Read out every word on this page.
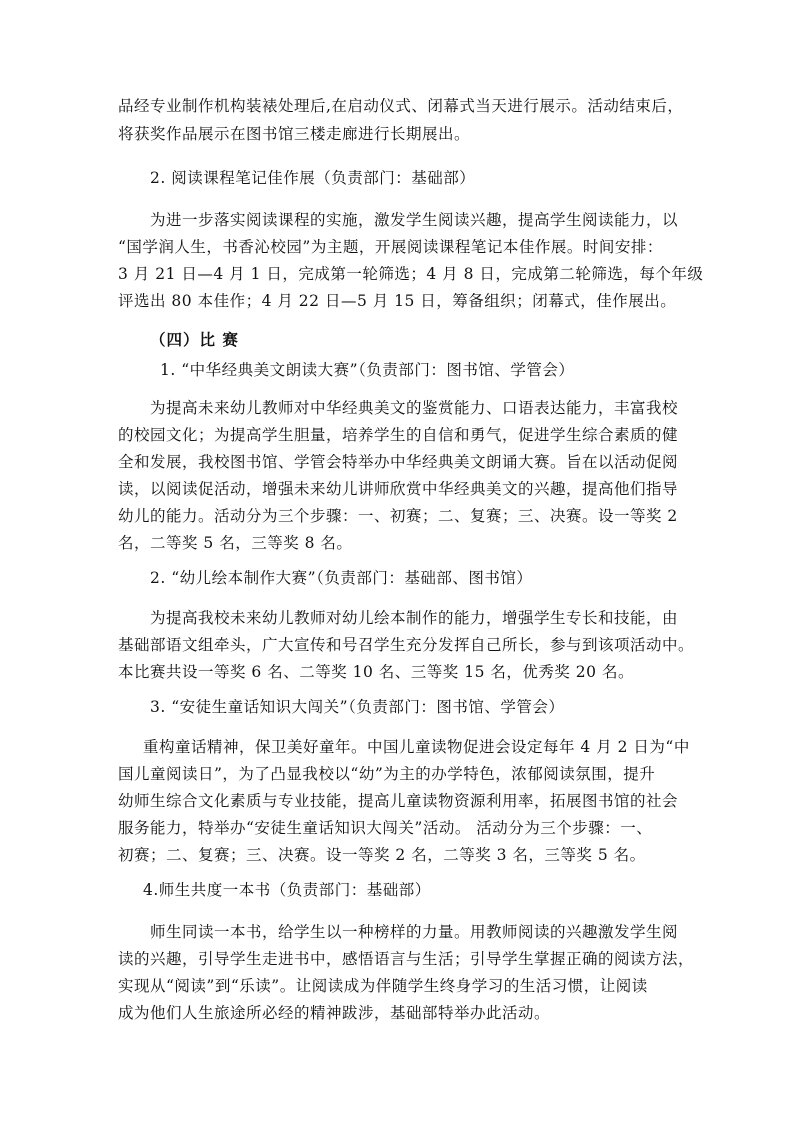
品经专业制作机构装裱处理后,在启动仪式、闭幕式当天进行展示。活动结束后，
将获奖作品展示在图书馆三楼走廊进行长期展出。
2. 阅读课程笔记佳作展（负责部门：基础部）
为进一步落实阅读课程的实施，激发学生阅读兴趣，提高学生阅读能力，以
“国学润人生，书香沁校园”为主题，开展阅读课程笔记本佳作展。时间安排：
3 月 21 日—4 月 1 日，完成第一轮筛选；4 月 8 日，完成第二轮筛选，每个年级
评选出 80 本佳作；4 月 22 日—5 月 15 日，筹备组织；闭幕式，佳作展出。
（四）比 赛
1. “中华经典美文朗读大赛”（负责部门：图书馆、学管会）
为提高未来幼儿教师对中华经典美文的鉴赏能力、口语表达能力，丰富我校
的校园文化；为提高学生胆量，培养学生的自信和勇气，促进学生综合素质的健
全和发展，我校图书馆、学管会特举办中华经典美文朗诵大赛。旨在以活动促阅
读，以阅读促活动，增强未来幼儿讲师欣赏中华经典美文的兴趣，提高他们指导
幼儿的能力。活动分为三个步骤：一、初赛；二、复赛；三、决赛。设一等奖 2
名，二等奖 5 名，三等奖 8 名。
2. “幼儿绘本制作大赛”（负责部门：基础部、图书馆）
为提高我校未来幼儿教师对幼儿绘本制作的能力，增强学生专长和技能，由
基础部语文组牵头，广大宣传和号召学生充分发挥自己所长，参与到该项活动中。
本比赛共设一等奖 6 名、二等奖 10 名、三等奖 15 名，优秀奖 20 名。
3. “安徒生童话知识大闯关”（负责部门：图书馆、学管会）
重构童话精神，保卫美好童年。中国儿童读物促进会设定每年 4 月 2 日为“中
国儿童阅读日”，为了凸显我校以“幼”为主的办学特色，浓郁阅读氛围，提升
幼师生综合文化素质与专业技能，提高儿童读物资源利用率，拓展图书馆的社会
服务能力，特举办“安徒生童话知识大闯关”活动。 活动分为三个步骤：一、
初赛；二、复赛；三、决赛。设一等奖 2 名，二等奖 3 名，三等奖 5 名。
4.师生共度一本书（负责部门：基础部）
师生同读一本书，给学生以一种榜样的力量。用教师阅读的兴趣激发学生阅
读的兴趣，引导学生走进书中，感悟语言与生活；引导学生掌握正确的阅读方法，
实现从“阅读”到“乐读”。让阅读成为伴随学生终身学习的生活习惯，让阅读
成为他们人生旅途所必经的精神跋涉，基础部特举办此活动。
